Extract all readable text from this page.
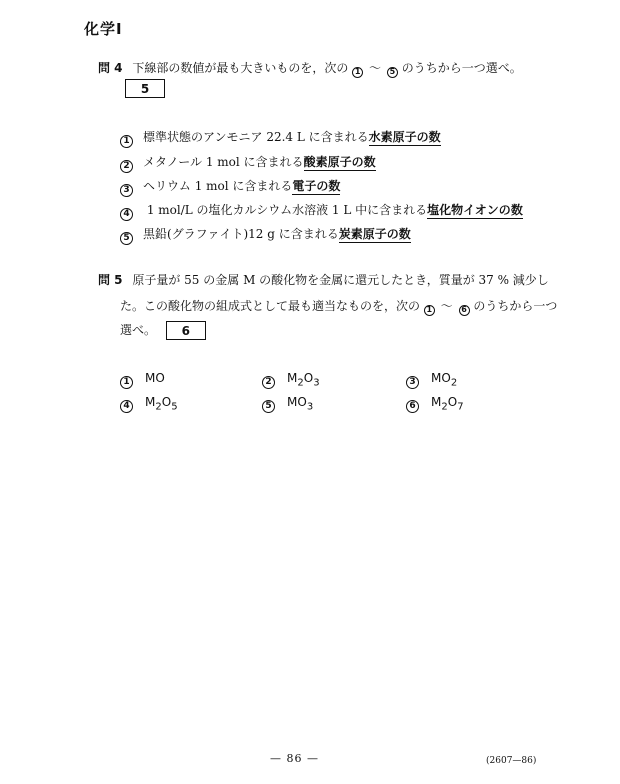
化学Ⅰ
問 4 下線部の数値が最も大きいものを，次の 1 〜 5 のうちから一つ選べ。
5
1 標準状態のアンモニア 22.4 L に含まれる水素原子の数
2 メタノール 1 mol に含まれる酸素原子の数
3 ヘリウム 1 mol に含まれる電子の数
4 1 mol/L の塩化カルシウム水溶液 1 L 中に含まれる塩化物イオンの数
5 黒鉛(グラファイト)12 g に含まれる炭素原子の数
問 5 原子量が 55 の金属 M の酸化物を金属に還元したとき，質量が 37 % 減少し
た。この酸化物の組成式として最も適当なものを，次の 1 〜 6 のうちから一つ
選べ。 6
1 MO	2 $M_2O_3$	3 $MO_2$
4 $M_2O_5$	5 $MO_3$	6 $M_2O_7$
— 86 —	(2607—86)
